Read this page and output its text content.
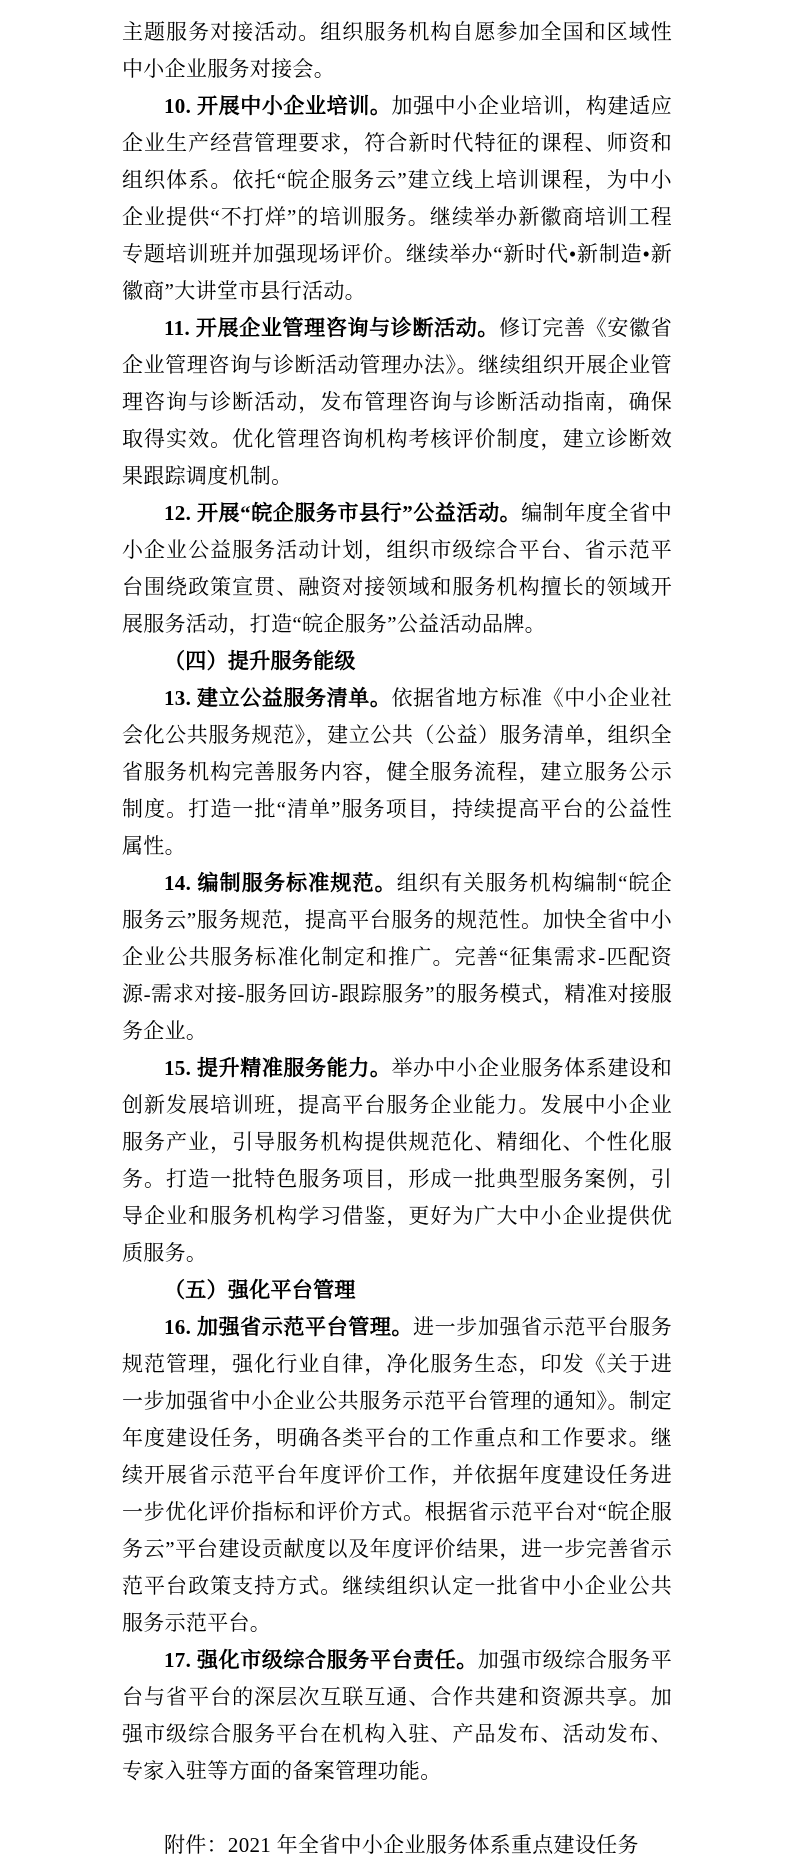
主题服务对接活动。组织服务机构自愿参加全国和区域性中小企业服务对接会。

10. 开展中小企业培训。加强中小企业培训，构建适应企业生产经营管理要求，符合新时代特征的课程、师资和组织体系。依托“皖企服务云”建立线上培训课程，为中小企业提供“不打烊”的培训服务。继续举办新徽商培训工程专题培训班并加强现场评价。继续举办“新时代•新制造•新徽商”大讲堂市县行活动。

11. 开展企业管理咨询与诊断活动。修订完善《安徽省企业管理咨询与诊断活动管理办法》。继续组织开展企业管理咨询与诊断活动，发布管理咨询与诊断活动指南，确保取得实效。优化管理咨询机构考核评价制度，建立诊断效果跟踪调度机制。

12. 开展“皖企服务市县行”公益活动。编制年度全省中小企业公益服务活动计划，组织市级综合平台、省示范平台围绕政策宣贯、融资对接领域和服务机构擅长的领域开展服务活动，打造“皖企服务”公益活动品牌。

（四）提升服务能级

13. 建立公益服务清单。依据省地方标准《中小企业社会化公共服务规范》，建立公共（公益）服务清单，组织全省服务机构完善服务内容，健全服务流程，建立服务公示制度。打造一批“清单”服务项目，持续提高平台的公益性属性。

14. 编制服务标准规范。组织有关服务机构编制“皖企服务云”服务规范，提高平台服务的规范性。加快全省中小企业公共服务标准化制定和推广。完善“征集需求-匹配资源-需求对接-服务回访-跟踪服务”的服务模式，精准对接服务企业。

15. 提升精准服务能力。举办中小企业服务体系建设和创新发展培训班，提高平台服务企业能力。发展中小企业服务产业，引导服务机构提供规范化、精细化、个性化服务。打造一批特色服务项目，形成一批典型服务案例，引导企业和服务机构学习借鉴，更好为广大中小企业提供优质服务。

（五）强化平台管理

16. 加强省示范平台管理。进一步加强省示范平台服务规范管理，强化行业自律，净化服务生态，印发《关于进一步加强省中小企业公共服务示范平台管理的通知》。制定年度建设任务，明确各类平台的工作重点和工作要求。继续开展省示范平台年度评价工作，并依据年度建设任务进一步优化评价指标和评价方式。根据省示范平台对“皖企服务云”平台建设贡献度以及年度评价结果，进一步完善省示范平台政策支持方式。继续组织认定一批省中小企业公共服务示范平台。

17. 强化市级综合服务平台责任。加强市级综合服务平台与省平台的深层次互联互通、合作共建和资源共享。加强市级综合服务平台在机构入驻、产品发布、活动发布、专家入驻等方面的备案管理功能。

附件：2021 年全省中小企业服务体系重点建设任务
